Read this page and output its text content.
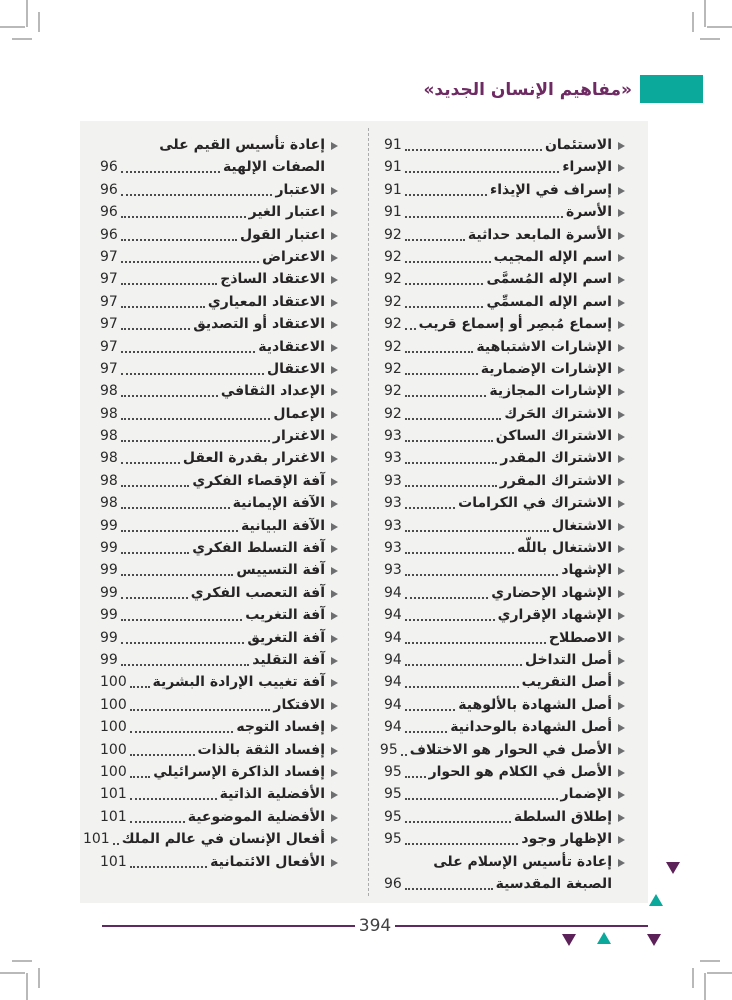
«مفاهيم الإنسان الجديد»
الاستئمان
91
الإسراء
91
إسراف في الإيذاء
91
الأسرة
91
الأسرة المابعد حداثية
92
اسم الإله المجيب
92
اسم الإله المُسمَّى
92
اسم الإله المسمِّي
92
إسماع مُبصِر أو إسماع قريب
92
الإشارات الاشتباهية
92
الإشارات الإضمارية
92
الإشارات المجازية
92
الاشتراك الحَرك
92
الاشتراك الساكن
93
الاشتراك المقدر
93
الاشتراك المقرر
93
الاشتراك في الكرامات
93
الاشتغال
93
الاشتغال باللّه
93
الإشهاد
93
الإشهاد الإحضاري
94
الإشهاد الإقراري
94
الاصطلاح
94
أصل التداخل
94
أصل التقريب
94
أصل الشهادة بالألوهية
94
أصل الشهادة بالوحدانية
94
الأصل في الحوار هو الاختلاف
95
الأصل في الكلام هو الحوار
95
الإضمار
95
إطلاق السلطة
95
الإظهار وجود
95
إعادة تأسيس الإسلام على
الصبغة المقدسية
96
إعادة تأسيس القيم على
الصفات الإلهية
96
الاعتبار
96
اعتبار الغير
96
اعتبار القول
96
الاعتراض
97
الاعتقاد الساذج
97
الاعتقاد المعياري
97
الاعتقاد أو التصديق
97
الاعتقادية
97
الاعتقال
97
الإعداد الثقافي
98
الإعمال
98
الاغترار
98
الاغترار بقدرة العقل
98
آفة الإقصاء الفكري
98
الآفة الإيمانية
98
الآفة البيانية
99
آفة التسلط الفكري
99
آفة التسييس
99
آفة التعصب الفكري
99
آفة التغريب
99
آفة التغريق
99
آفة التقليد
99
آفة تغييب الإرادة البشرية
100
الافتكار
100
إفساد التوجه
100
إفساد الثقة بالذات
100
إفساد الذاكرة الإسرائيلي
100
الأفضلية الذاتية
101
الأفضلية الموضوعية
101
أفعال الإنسان في عالم الملك
101
الأفعال الائتمانية
101
394
